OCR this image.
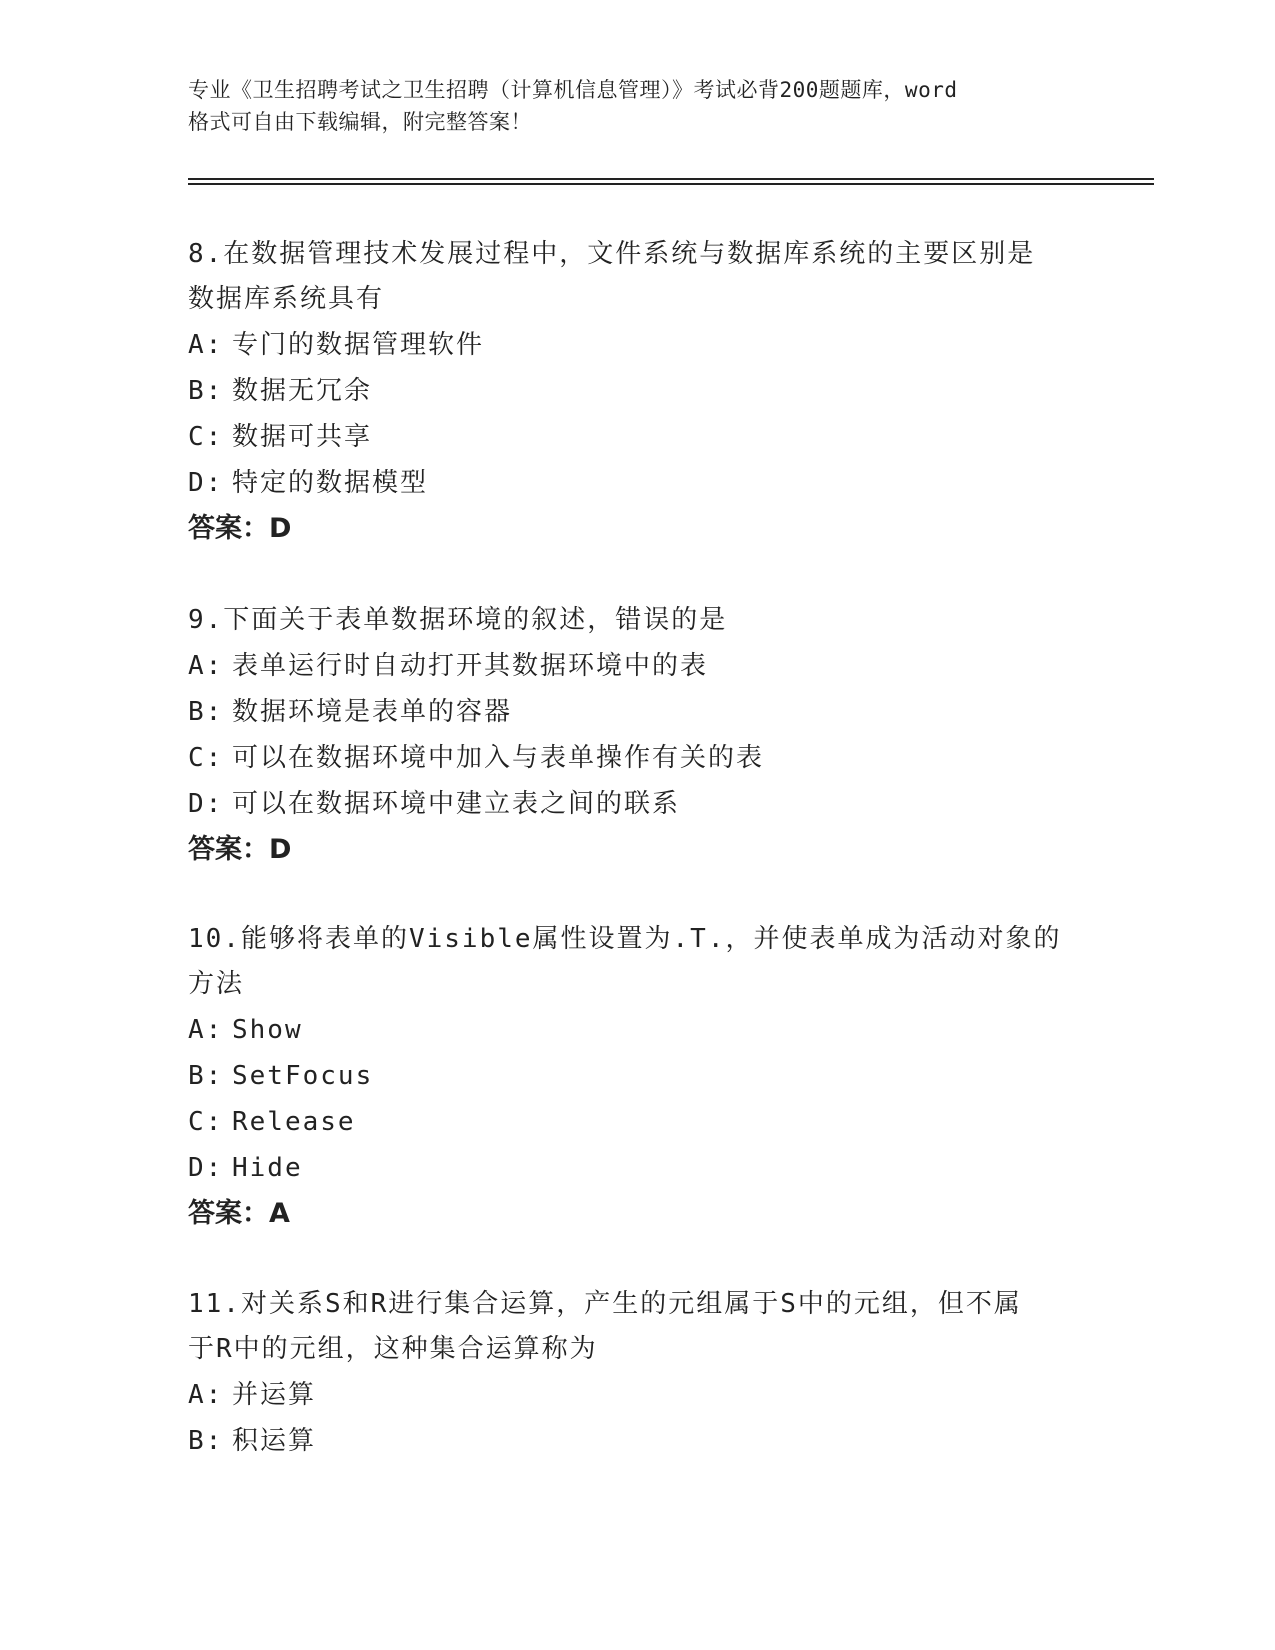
专业《卫生招聘考试之卫生招聘（计算机信息管理）》考试必背200题题库，word
格式可自由下载编辑，附完整答案！

8.在数据管理技术发展过程中，文件系统与数据库系统的主要区别是

数据库系统具有

A: 专门的数据管理软件

B: 数据无冗余

C: 数据可共享

D: 特定的数据模型

答案：D

9.下面关于表单数据环境的叙述，错误的是

A: 表单运行时自动打开其数据环境中的表

B: 数据环境是表单的容器

C: 可以在数据环境中加入与表单操作有关的表

D: 可以在数据环境中建立表之间的联系

答案：D

10.能够将表单的Visible属性设置为.T.，并使表单成为活动对象的

方法

A: Show

B: SetFocus

C: Release

D: Hide

答案：A

11.对关系S和R进行集合运算，产生的元组属于S中的元组，但不属

于R中的元组，这种集合运算称为

A: 并运算

B: 积运算
